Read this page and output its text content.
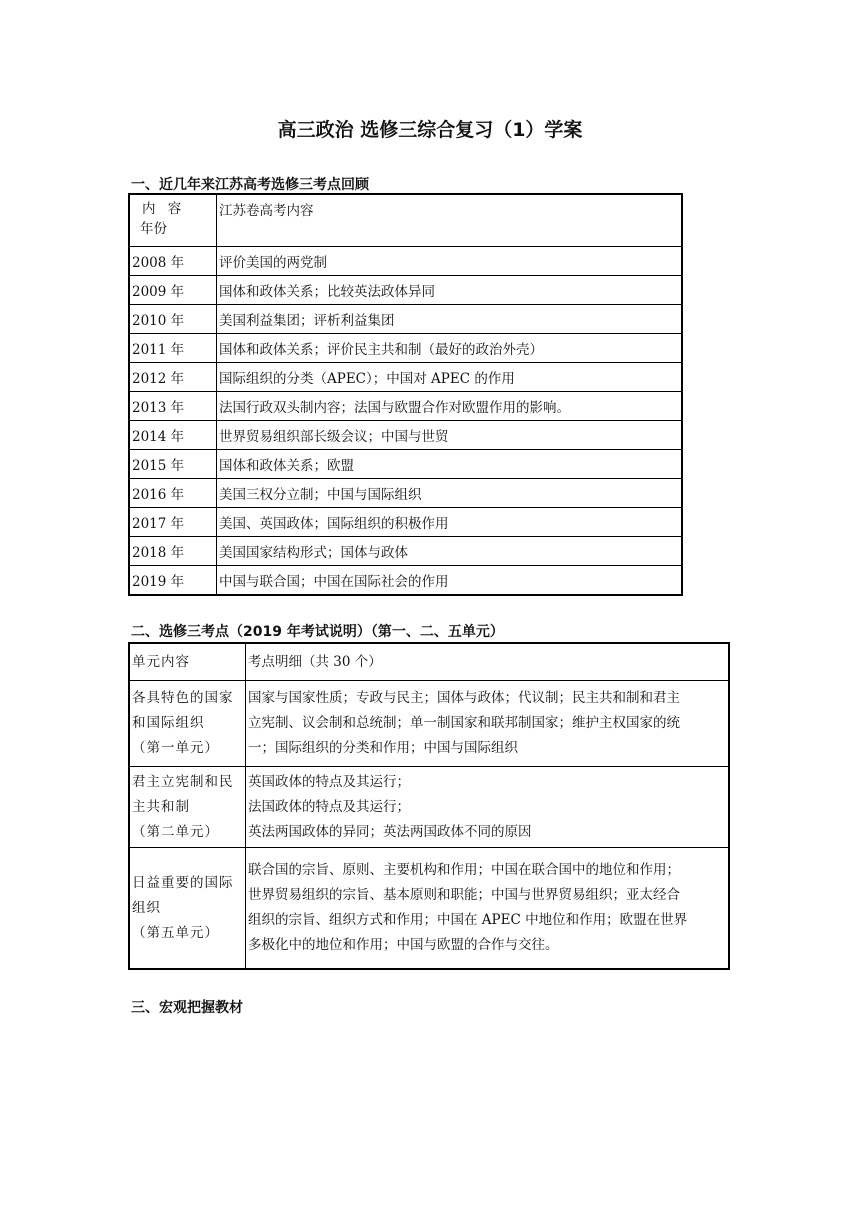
高三政治 选修三综合复习（1）学案
一、近几年来江苏高考选修三考点回顾
内 容
年份	江苏卷高考内容
2008 年	评价美国的两党制
2009 年	国体和政体关系；比较英法政体异同
2010 年	美国利益集团；评析利益集团
2011 年	国体和政体关系；评价民主共和制（最好的政治外壳）
2012 年	国际组织的分类（APEC）；中国对 APEC 的作用
2013 年	法国行政双头制内容；法国与欧盟合作对欧盟作用的影响。
2014 年	世界贸易组织部长级会议；中国与世贸
2015 年	国体和政体关系；欧盟
2016 年	美国三权分立制；中国与国际组织
2017 年	美国、英国政体；国际组织的积极作用
2018 年	美国国家结构形式；国体与政体
2019 年	中国与联合国；中国在国际社会的作用
二、选修三考点（2019 年考试说明）（第一、二、五单元）
单元内容	考点明细（共 30 个）

各具特色的国家
和国际组织
（第一单元）	国家与国家性质；专政与民主；国体与政体；代议制；民主共和制和君主
立宪制、议会制和总统制；单一制国家和联邦制国家；维护主权国家的统
一；国际组织的分类和作用；中国与国际组织

君主立宪制和民
主共和制
（第二单元）	英国政体的特点及其运行；
法国政体的特点及其运行；
英法两国政体的异同；英法两国政体不同的原因

日益重要的国际
组织
（第五单元）	联合国的宗旨、原则、主要机构和作用；中国在联合国中的地位和作用；
世界贸易组织的宗旨、基本原则和职能；中国与世界贸易组织；亚太经合
组织的宗旨、组织方式和作用；中国在 APEC 中地位和作用；欧盟在世界
多极化中的地位和作用；中国与欧盟的合作与交往。
三、宏观把握教材
